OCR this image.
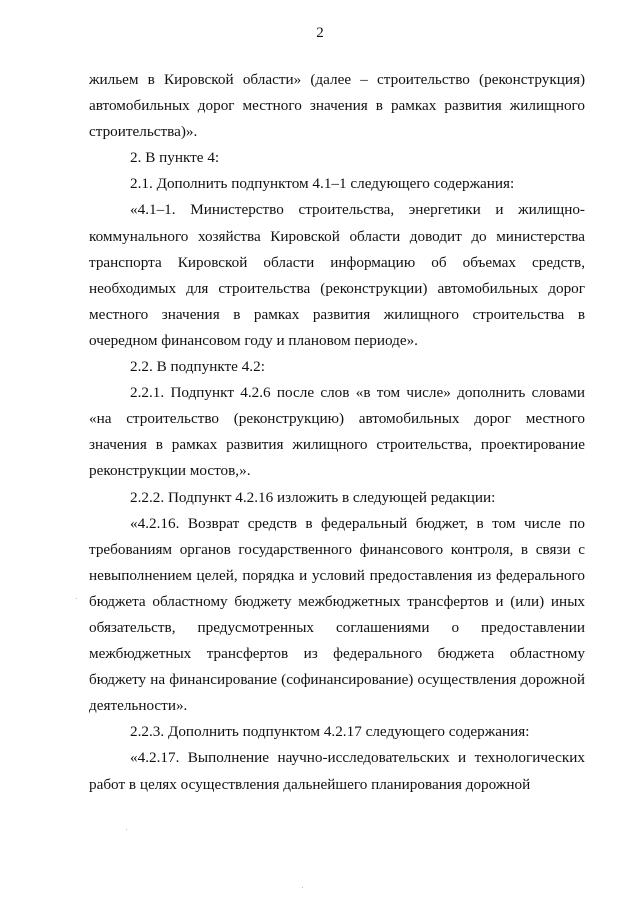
2

жильем в Кировской области» (далее – строительство (реконструкция) автомобильных дорог местного значения в рамках развития жилищного строительства)».

2. В пункте 4:

2.1. Дополнить подпунктом 4.1–1 следующего содержания:

«4.1–1. Министерство строительства, энергетики и жилищно-коммунального хозяйства Кировской области доводит до министерства транспорта Кировской области информацию об объемах средств, необходимых для строительства (реконструкции) автомобильных дорог местного значения в рамках развития жилищного строительства в очередном финансовом году и плановом периоде».

2.2. В подпункте 4.2:

2.2.1. Подпункт 4.2.6 после слов «в том числе» дополнить словами «на строительство (реконструкцию) автомобильных дорог местного значения в рамках развития жилищного строительства, проектирование реконструкции мостов,».

2.2.2. Подпункт 4.2.16 изложить в следующей редакции:

«4.2.16. Возврат средств в федеральный бюджет, в том числе по требованиям органов государственного финансового контроля, в связи с невыполнением целей, порядка и условий предоставления из федерального бюджета областному бюджету межбюджетных трансфертов и (или) иных обязательств, предусмотренных соглашениями о предоставлении межбюджетных трансфертов из федерального бюджета областному бюджету на финансирование (софинансирование) осуществления дорожной деятельности».

2.2.3. Дополнить подпунктом 4.2.17 следующего содержания:

«4.2.17. Выполнение научно-исследовательских и технологических работ в целях осуществления дальнейшего планирования дорожной
